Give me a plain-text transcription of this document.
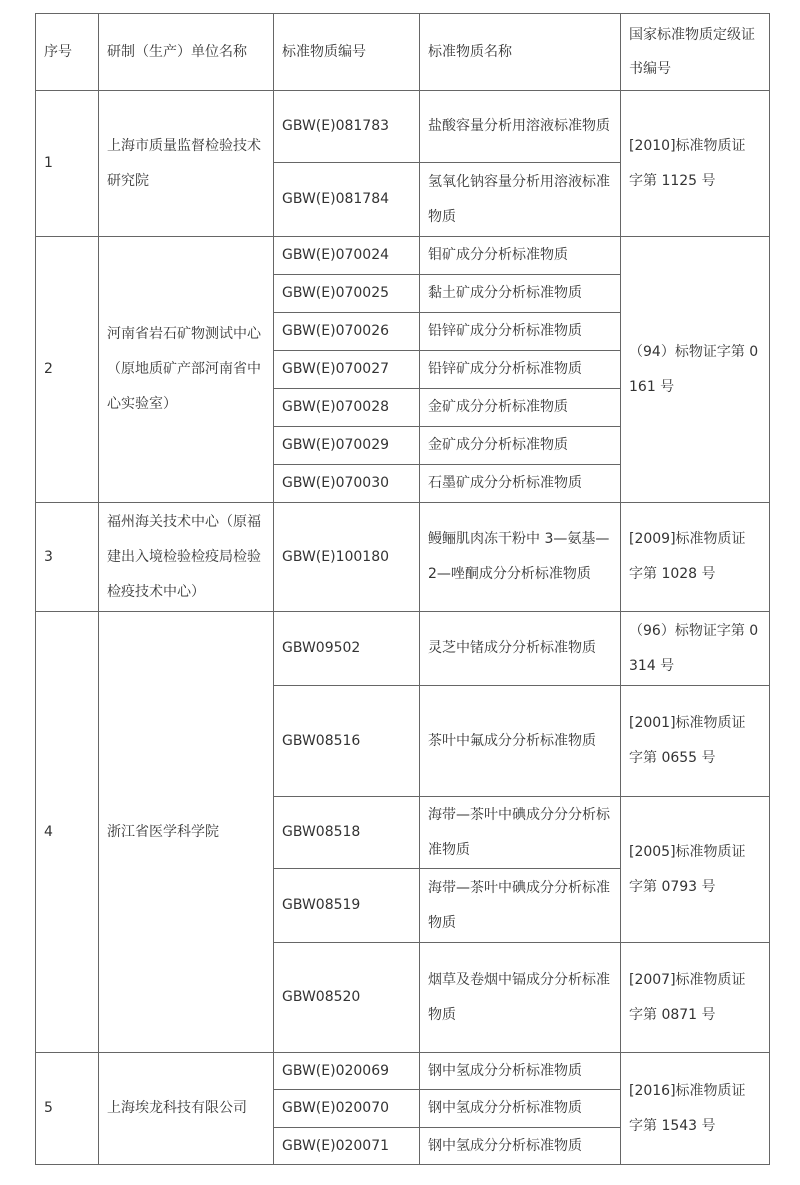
序号	研制（生产）单位名称	标准物质编号	标准物质名称	国家标准物质定级证书编号
1	上海市质量监督检验技术研究院	GBW(E)081783	盐酸容量分析用溶液标准物质	[2010]标准物质证字第 1125 号
		GBW(E)081784	氢氧化钠容量分析用溶液标准物质	
2	河南省岩石矿物测试中心（原地质矿产部河南省中心实验室）	GBW(E)070024	钼矿成分分析标准物质	（94）标物证字第 0161 号
		GBW(E)070025	黏土矿成分分析标准物质	
		GBW(E)070026	铅锌矿成分分析标准物质	
		GBW(E)070027	铅锌矿成分分析标准物质	
		GBW(E)070028	金矿成分分析标准物质	
		GBW(E)070029	金矿成分分析标准物质	
		GBW(E)070030	石墨矿成分分析标准物质	
3	福州海关技术中心（原福建出入境检验检疫局检验检疫技术中心）	GBW(E)100180	鳗鲡肌肉冻干粉中 3—氨基—2—唑酮成分分析标准物质	[2009]标准物质证字第 1028 号
4	浙江省医学科学院	GBW09502	灵芝中锗成分分析标准物质	（96）标物证字第 0314 号
		GBW08516	茶叶中氟成分分析标准物质	[2001]标准物质证字第 0655 号
		GBW08518	海带—茶叶中碘成分分分析标准物质	[2005]标准物质证字第 0793 号
		GBW08519	海带—茶叶中碘成分分析标准物质	
		GBW08520	烟草及卷烟中镉成分分析标准物质	[2007]标准物质证字第 0871 号
5	上海埃龙科技有限公司	GBW(E)020069	钢中氢成分分析标准物质	[2016]标准物质证字第 1543 号
		GBW(E)020070	钢中氢成分分析标准物质	
		GBW(E)020071	钢中氢成分分析标准物质	
